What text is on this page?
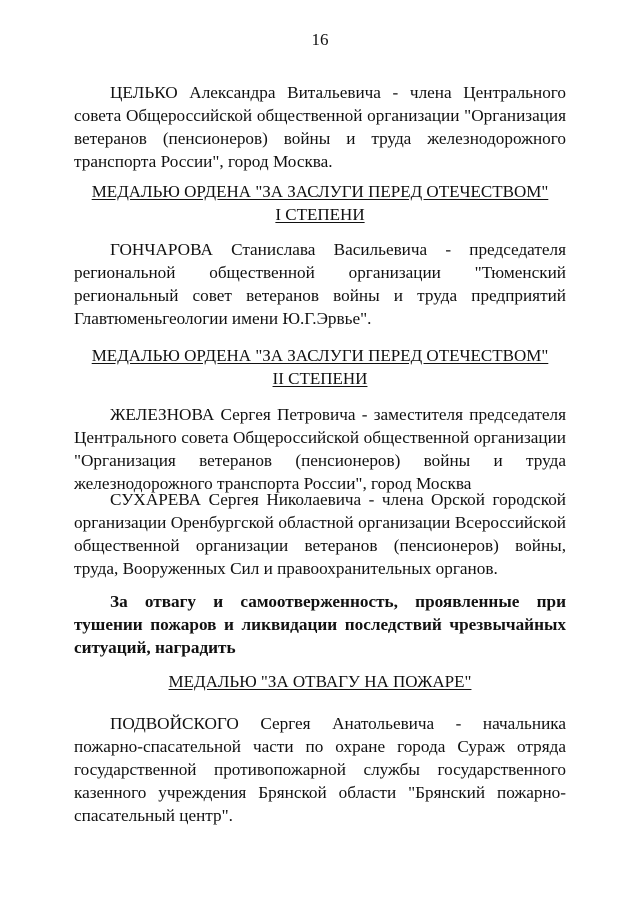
16
ЦЕЛЬКО Александра Витальевича - члена Центрального совета Общероссийской общественной организации "Организация ветеранов (пенсионеров) войны и труда железнодорожного транспорта России", город Москва.
МЕДАЛЬЮ ОРДЕНА "ЗА ЗАСЛУГИ ПЕРЕД ОТЕЧЕСТВОМ"
I СТЕПЕНИ
ГОНЧАРОВА Станислава Васильевича - председателя региональной общественной организации "Тюменский региональный совет ветеранов войны и труда предприятий Главтюменьгеологии имени Ю.Г.Эрвье".
МЕДАЛЬЮ ОРДЕНА "ЗА ЗАСЛУГИ ПЕРЕД ОТЕЧЕСТВОМ"
II СТЕПЕНИ
ЖЕЛЕЗНОВА Сергея Петровича - заместителя председателя Центрального совета Общероссийской общественной организации "Организация ветеранов (пенсионеров) войны и труда железнодорожного транспорта России", город Москва
СУХАРЕВА Сергея Николаевича - члена Орской городской организации Оренбургской областной организации Всероссийской общественной организации ветеранов (пенсионеров) войны, труда, Вооруженных Сил и правоохранительных органов.
За отвагу и самоотверженность, проявленные при тушении пожаров и ликвидации последствий чрезвычайных ситуаций, наградить
МЕДАЛЬЮ "ЗА ОТВАГУ НА ПОЖАРЕ"
ПОДВОЙСКОГО Сергея Анатольевича - начальника пожарно-спасательной части по охране города Сураж отряда государственной противопожарной службы государственного казенного учреждения Брянской области "Брянский пожарно-спасательный центр".
